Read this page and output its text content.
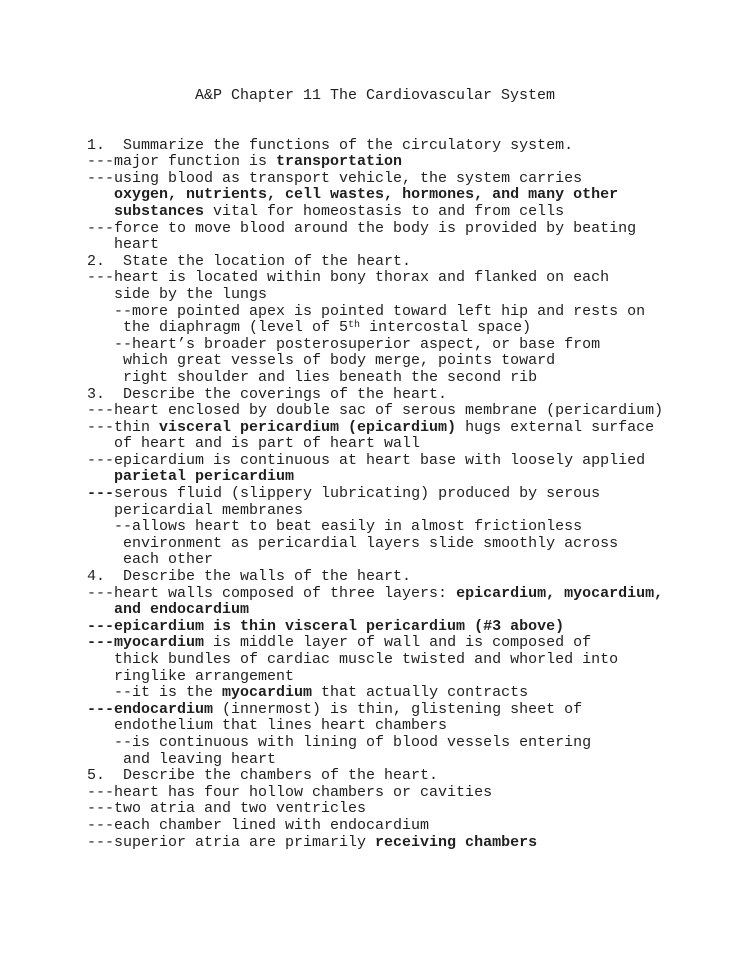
A&P Chapter 11 The Cardiovascular System
1.  Summarize the functions of the circulatory system.
---major function is transportation
---using blood as transport vehicle, the system carries
oxygen, nutrients, cell wastes, hormones, and many other
substances vital for homeostasis to and from cells
---force to move blood around the body is provided by beating
heart
2.  State the location of the heart.
---heart is located within bony thorax and flanked on each
side by the lungs
--more pointed apex is pointed toward left hip and rests on
the diaphragm (level of 5th intercostal space)
--heart’s broader posterosuperior aspect, or base from
which great vessels of body merge, points toward
right shoulder and lies beneath the second rib
3.  Describe the coverings of the heart.
---heart enclosed by double sac of serous membrane (pericardium)
---thin visceral pericardium (epicardium) hugs external surface
of heart and is part of heart wall
---epicardium is continuous at heart base with loosely applied
parietal pericardium
---serous fluid (slippery lubricating) produced by serous
pericardial membranes
--allows heart to beat easily in almost frictionless
environment as pericardial layers slide smoothly across
each other
4.  Describe the walls of the heart.
---heart walls composed of three layers: epicardium, myocardium,
and endocardium
---epicardium is thin visceral pericardium (#3 above)
---myocardium is middle layer of wall and is composed of
thick bundles of cardiac muscle twisted and whorled into
ringlike arrangement
--it is the myocardium that actually contracts
---endocardium (innermost) is thin, glistening sheet of
endothelium that lines heart chambers
--is continuous with lining of blood vessels entering
and leaving heart
5.  Describe the chambers of the heart.
---heart has four hollow chambers or cavities
---two atria and two ventricles
---each chamber lined with endocardium
---superior atria are primarily receiving chambers
